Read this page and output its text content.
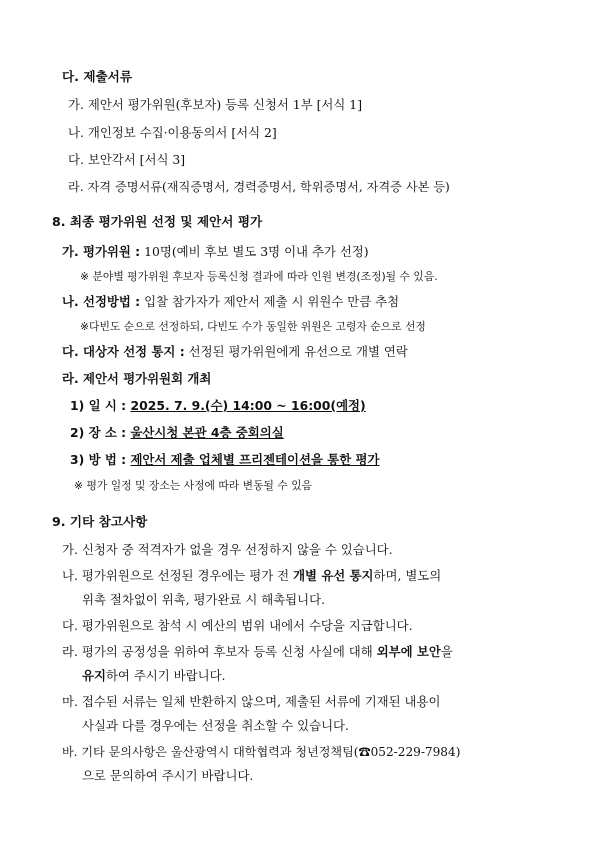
다. 제출서류
가. 제안서 평가위원(후보자) 등록 신청서 1부 [서식 1]
나. 개인정보 수집·이용동의서 [서식 2]
다. 보안각서 [서식 3]
라. 자격 증명서류(재직증명서, 경력증명서, 학위증명서, 자격증 사본 등)
8. 최종 평가위원 선정 및 제안서 평가
가. 평가위원 : 10명(예비 후보 별도 3명 이내 추가 선정)
※ 분야별 평가위원 후보자 등록신청 결과에 따라 인원 변경(조정)될 수 있음.
나. 선정방법 : 입찰 참가자가 제안서 제출 시 위원수 만큼 추첨
※다빈도 순으로 선정하되, 다빈도 수가 동일한 위원은 고령자 순으로 선정
다. 대상자 선정 통지 : 선정된 평가위원에게 유선으로 개별 연락
라. 제안서 평가위원회 개최
1) 일 시 : 2025. 7. 9.(수) 14:00 ~ 16:00(예정)
2) 장 소 : 울산시청 본관 4층 중회의실
3) 방 법 : 제안서 제출 업체별 프리젠테이션을 통한 평가
※ 평가 일정 및 장소는 사정에 따라 변동될 수 있음
9. 기타 참고사항
가. 신청자 중 적격자가 없을 경우 선정하지 않을 수 있습니다.
나. 평가위원으로 선정된 경우에는 평가 전 개별 유선 통지하며, 별도의
위촉 절차없이 위촉, 평가완료 시 해촉됩니다.
다. 평가위원으로 참석 시 예산의 범위 내에서 수당을 지급합니다.
라. 평가의 공정성을 위하여 후보자 등록 신청 사실에 대해 외부에 보안을
유지하여 주시기 바랍니다.
마. 접수된 서류는 일체 반환하지 않으며, 제출된 서류에 기재된 내용이
사실과 다를 경우에는 선정을 취소할 수 있습니다.
바. 기타 문의사항은 울산광역시 대학협력과 청년정책팀(☎052-229-7984)
으로 문의하여 주시기 바랍니다.
